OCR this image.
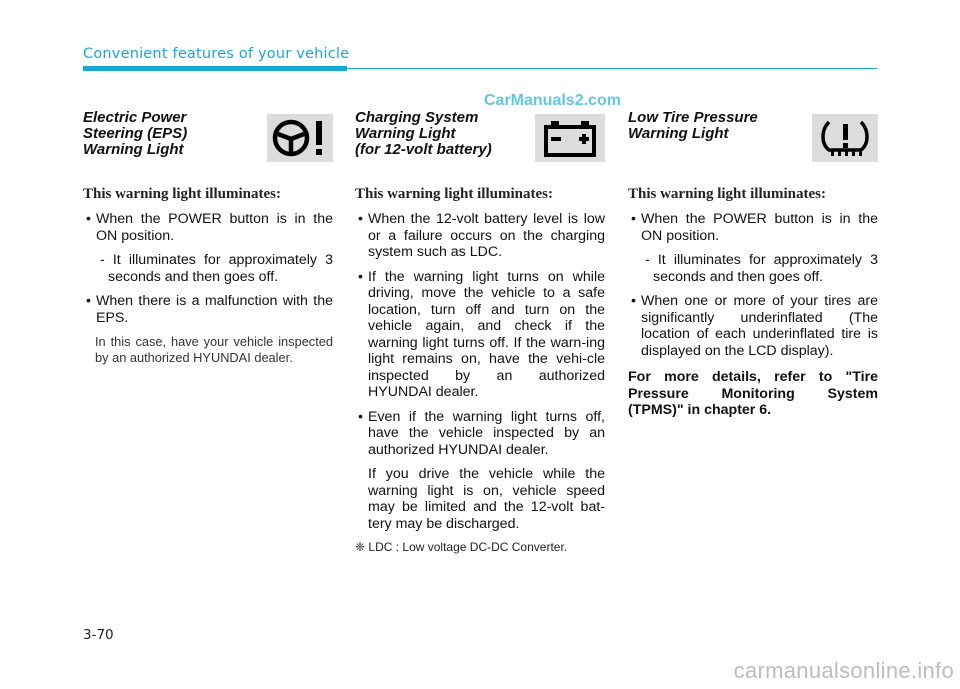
Convenient features of your vehicle
CarManuals2.com
Electric Power Steering (EPS) Warning Light
This warning light illuminates:
• When the POWER button is in the ON position.
- It illuminates for approximately 3 seconds and then goes off.
• When there is a malfunction with the EPS.
In this case, have your vehicle inspected by an authorized HYUNDAI dealer.
Charging System
Warning Light
(for 12-volt battery)
This warning light illuminates:
• When the 12-volt battery level is low or a failure occurs on the charging system such as LDC.
• If the warning light turns on while driving, move the vehicle to a safe location, turn off and turn on the vehicle again, and check if the warning light turns off. If the warn-ing light remains on, have the vehi-cle inspected by an authorized HYUNDAI dealer.
• Even if the warning light turns off, have the vehicle inspected by an authorized HYUNDAI dealer.
If you drive the vehicle while the warning light is on, vehicle speed may be limited and the 12-volt bat-tery may be discharged.
❈ LDC : Low voltage DC-DC Converter.
Low Tire Pressure
Warning Light
This warning light illuminates:
• When the POWER button is in the ON position.
- It illuminates for approximately 3 seconds and then goes off.
• When one or more of your tires are significantly underinflated (The location of each underinflated tire is displayed on the LCD display).
For more details, refer to "Tire Pressure Monitoring System (TPMS)" in chapter 6.
3-70
carmanualsonline.info
